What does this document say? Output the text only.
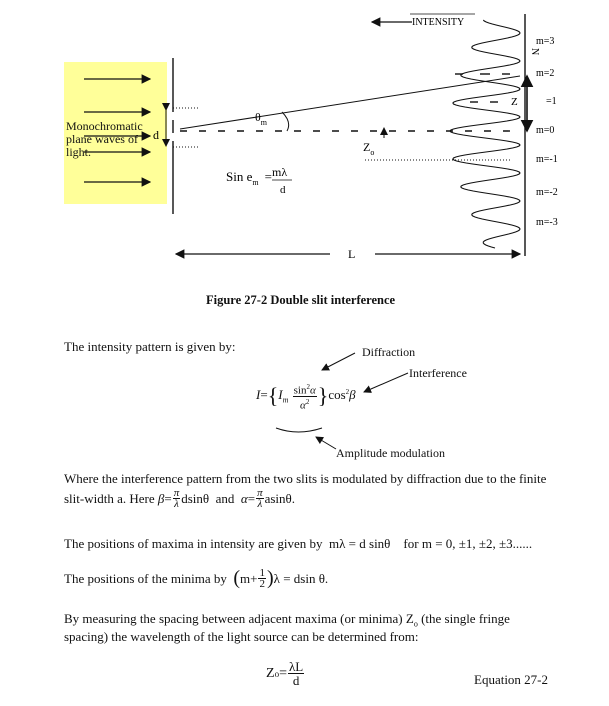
d
$\theta_m$
$Z_o$
Sin $e_m = m\lambda$
d
L
INTENSITY
Z
N
m=3
m=2
=1
m=0
m=-1
m=-2
m=-3
Monochromatic
plane waves of
light.
Figure 27-2 Double slit interference
The intensity pattern is given by:	Diffraction
Interference
Amplitude modulation
$I=\{I_m \frac{\sin^2\alpha}{\alpha^2} \}\cos^2\beta$
Where the interference pattern from the two slits is modulated by diffraction due to the finite
slit-width a. Here
$\beta = \frac{\pi}{\lambda}$ dsinθ
and
$\alpha = \frac{\pi}{\lambda} asin\theta$.
The positions of maxima in intensity are given by mλ = d sinθ for m = 0, ±1, ±2, ±3......
The positions of the minima by
( $m+ \frac{1}{2}$ ) λ = dsin θ.
By measuring the spacing between adjacent maxima (or minima) $Z_o$ (the single fringe
spacing) the wavelength of the light source can be determined from:
Z $o = \frac{\lambda L}{d}$	Equation 27-2
